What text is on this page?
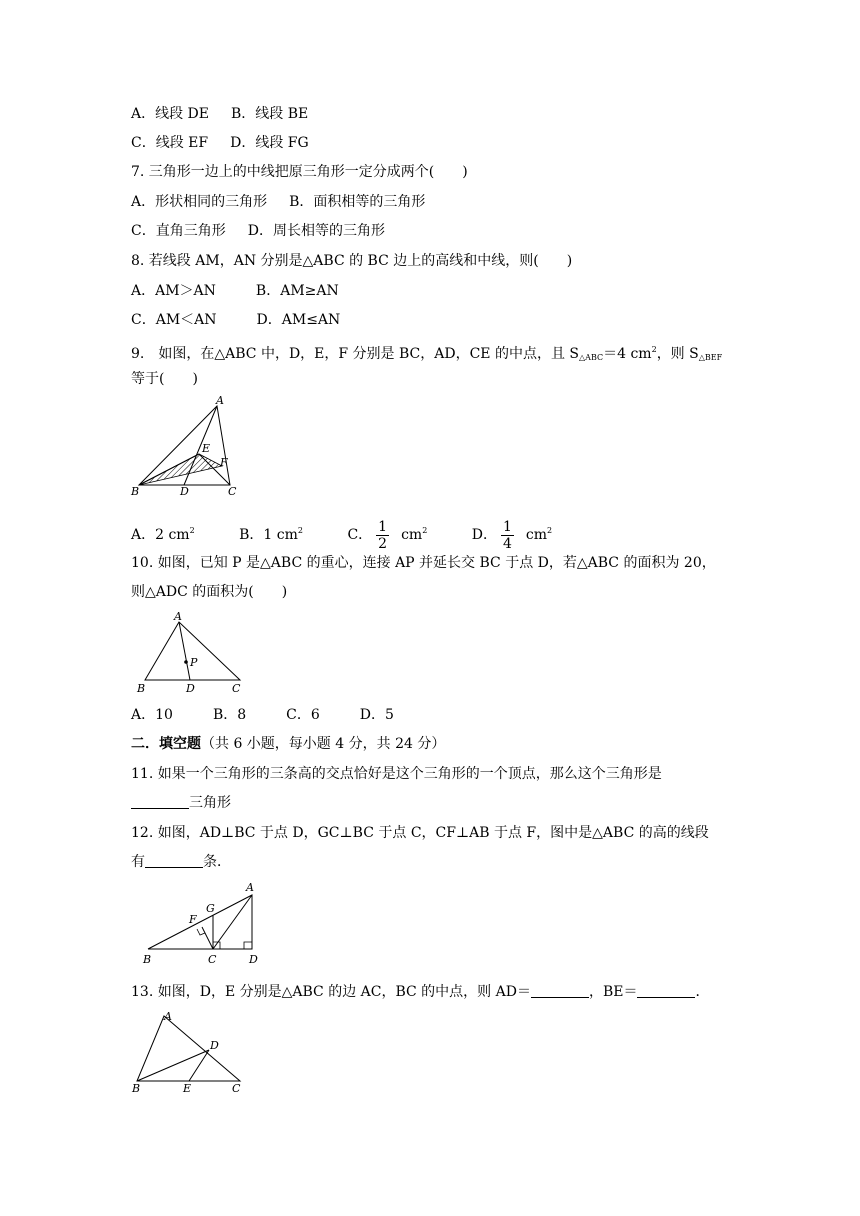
A．线段 DE B．线段 BE
C．线段 EF D．线段 FG
7. 三角形一边上的中线把原三角形一定分成两个(　　)
A．形状相同的三角形 B．面积相等的三角形
C．直角三角形 D．周长相等的三角形
8. 若线段 AM，AN 分别是△ABC 的 BC 边上的高线和中线，则(　　)
A．AM＞AN	B．AM≥AN
C．AM＜AN	D．AM≤AN
9.　如图，在△ABC 中，D，E，F 分别是 BC，AD，CE 的中点，且 $S_{\triangle ABC}=4$ $cm^2$，则 $S_{\triangle BEF}$
等于(　　)
A
E
F
B	D	C
A．2 $cm^2$	B．1 $cm^2$	C． $\frac{1}{2} cm^2$	D． $\frac{1}{4} cm^2$
10. 如图，已知 P 是△ABC 的重心，连接 AP 并延长交 BC 于点 D，若△ABC 的面积为 20，
则△ADC 的面积为(　　)
A
P
B	D	C
A．10	B．8	C．6	D．5
二．填空题（共 6 小题，每小题 4 分，共 24 分）
11. 如果一个三角形的三条高的交点恰好是这个三角形的一个顶点，那么这个三角形是
三角形
12. 如图，AD⊥BC 于点 D，GC⊥BC 于点 C，CF⊥AB 于点 F，图中是△ABC 的高的线段
有	条．
A
G
F
B	C	D
13. 如图，D，E 分别是△ABC 的边 AC，BC 的中点，则 AD＝	，BE＝	．
A
D
B	E	C
